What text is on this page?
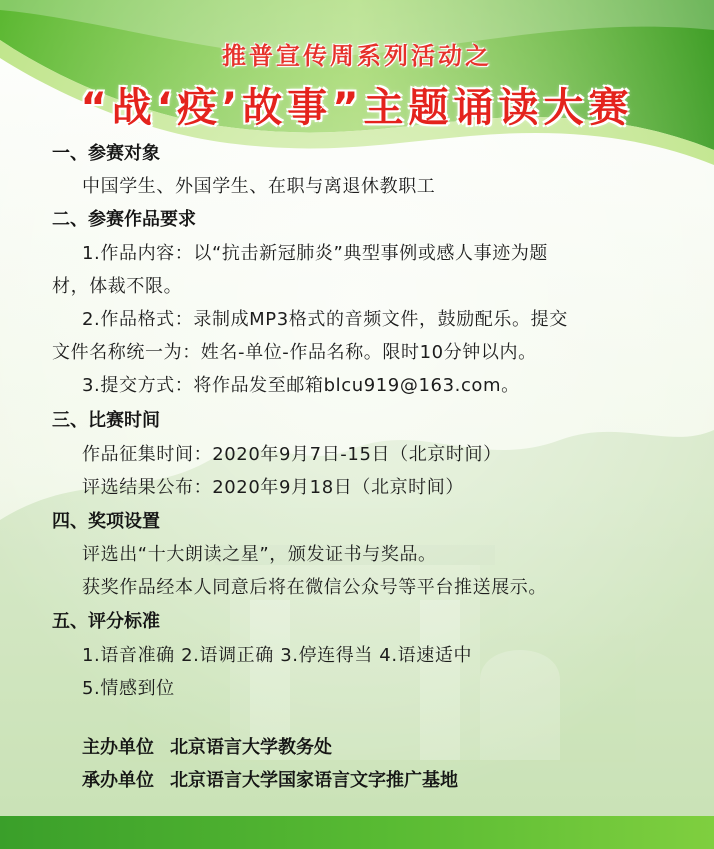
推普宣传周系列活动之
“战‘疫’故事”主题诵读大赛
一、参赛对象
中国学生、外国学生、在职与离退休教职工
二、参赛作品要求
1.作品内容：以“抗击新冠肺炎”典型事例或感人事迹为题
材，体裁不限。
2.作品格式：录制成MP3格式的音频文件，鼓励配乐。提交
文件名称统一为：姓名-单位-作品名称。限时10分钟以内。
3.提交方式：将作品发至邮箱blcu919@163.com。
三、比赛时间
作品征集时间：2020年9月7日-15日（北京时间）
评选结果公布：2020年9月18日（北京时间）
四、奖项设置
评选出“十大朗读之星”，颁发证书与奖品。
获奖作品经本人同意后将在微信公众号等平台推送展示。
五、评分标准
1.语音准确 2.语调正确 3.停连得当 4.语速适中
5.情感到位
主办单位 北京语言大学教务处
承办单位 北京语言大学国家语言文字推广基地
